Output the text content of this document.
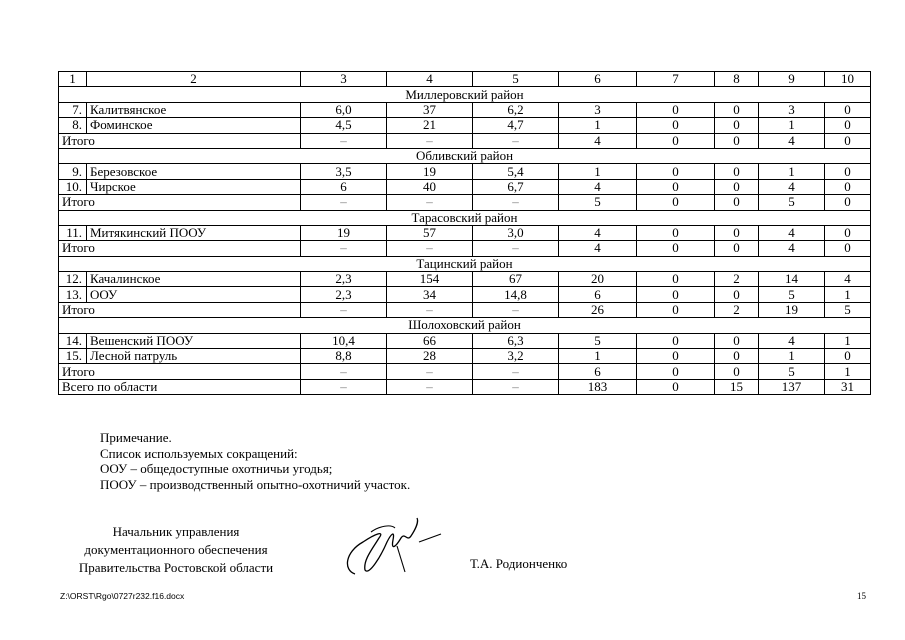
1	2	3	4	5	6	7	8	9	10
Миллеровский район									
7.	Калитвянское	6,0	37	6,2	3	0	0	3	0
8.	Фоминское	4,5	21	4,7	1	0	0	1	0
Итого		–	–	–	4	0	0	4	0
Обливский район									
9.	Березовское	3,5	19	5,4	1	0	0	1	0
10.	Чирское	6	40	6,7	4	0	0	4	0
Итого		–	–	–	5	0	0	5	0
Тарасовский район									
11.	Митякинский ПООУ	19	57	3,0	4	0	0	4	0
Итого		–	–	–	4	0	0	4	0
Тацинский район									
12.	Качалинское	2,3	154	67	20	0	2	14	4
13.	ООУ	2,3	34	14,8	6	0	0	5	1
Итого		–	–	–	26	0	2	19	5
Шолоховский район									
14.	Вешенский ПООУ	10,4	66	6,3	5	0	0	4	1
15.	Лесной патруль	8,8	28	3,2	1	0	0	1	0
Итого		–	–	–	6	0	0	5	1
Всего по области		–	–	–	183	0	15	137	31
Примечание.
Список используемых сокращений:
ООУ – общедоступные охотничьи угодья;
ПООУ – производственный опытно-охотничий участок.
Начальник управления
документационного обеспечения
Правительства Ростовской области	Т.А. Родионченко
Z:\ORST\Rgo\0727r232.f16.docx	15
